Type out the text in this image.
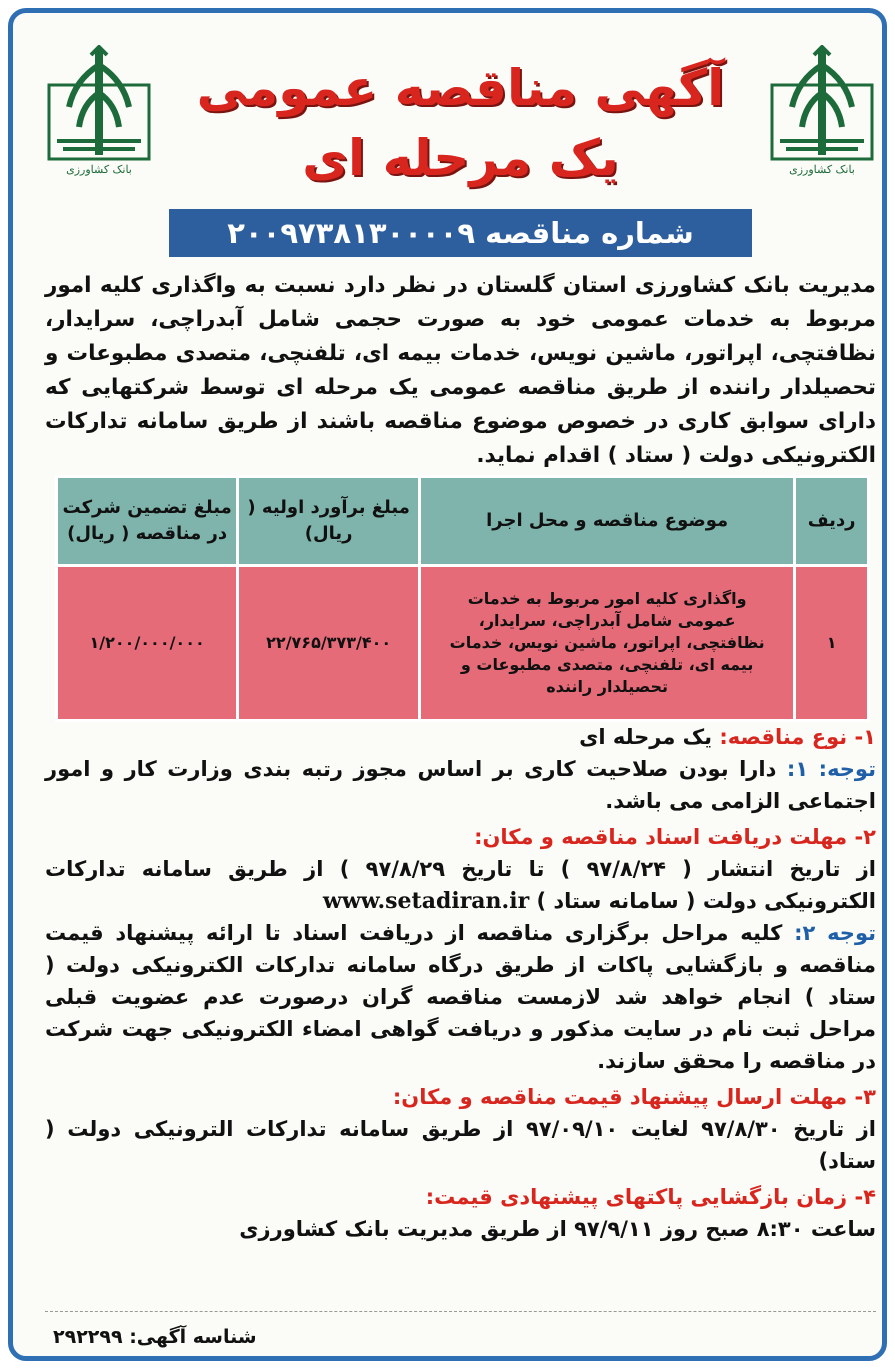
بانک کشاورزی
بانک کشاورزی
آگهی مناقصه عمومی
یک مرحله ای
شماره مناقصه ۲۰۰۹۷۳۸۱۳۰۰۰۰۹
مدیریت بانک کشاورزی استان گلستان در نظر دارد نسبت به واگذاری کلیه امور مربوط به خدمات عمومی خود به صورت حجمی شامل آبدراچی، سرایدار، نظافتچی، اپراتور، ماشین نویس، خدمات بیمه ای، تلفنچی، متصدی مطبوعات و تحصیلدار راننده از طریق مناقصه عمومی یک مرحله ای توسط شرکتهایی که دارای سوابق کاری در خصوص موضوع مناقصه باشند از طریق سامانه تدارکات الکترونیکی دولت ( ستاد ) اقدام نماید.
ردیف	موضوع مناقصه و محل اجرا	مبلغ برآورد اولیه ( ریال)	مبلغ تضمین شرکت در مناقصه ( ریال)
۱	واگذاری کلیه امور مربوط به خدمات عمومی شامل آبدراچی، سرایدار، نظافتچی، اپراتور، ماشین نویس، خدمات بیمه ای، تلفنچی، متصدی مطبوعات و تحصیلدار راننده	۲۲/۷۶۵/۳۷۳/۴۰۰	۱/۲۰۰/۰۰۰/۰۰۰

۱- نوع مناقصه: یک مرحله ای

توجه: ۱: دارا بودن صلاحیت کاری بر اساس مجوز رتبه بندی وزارت کار و امور اجتماعی الزامی می باشد.

۲- مهلت دریافت اسناد مناقصه و مکان:

از تاریخ انتشار ( ۹۷/۸/۲۴ ) تا تاریخ ۹۷/۸/۲۹ ) از طریق سامانه تدارکات الکترونیکی دولت ( سامانه ستاد ) www.setadiran.ir

توجه ۲: کلیه مراحل برگزاری مناقصه از دریافت اسناد تا ارائه پیشنهاد قیمت مناقصه و بازگشایی پاکات از طریق درگاه سامانه تدارکات الکترونیکی دولت ( ستاد ) انجام خواهد شد لازمست مناقصه گران درصورت عدم عضویت قبلی مراحل ثبت نام در سایت مذکور و دریافت گواهی امضاء الکترونیکی جهت شرکت در مناقصه را محقق سازند.

۳- مهلت ارسال پیشنهاد قیمت مناقصه و مکان:

از تاریخ ۹۷/۸/۳۰ لغایت ۹۷/۰۹/۱۰ از طریق سامانه تدارکات الترونیکی دولت ( ستاد)

۴- زمان بازگشایی پاکتهای پیشنهادی قیمت:

ساعت ۸:۳۰ صبح روز ۹۷/۹/۱۱ از طریق مدیریت بانک کشاورزی

شناسه آگهی: ۲۹۲۲۹۹
